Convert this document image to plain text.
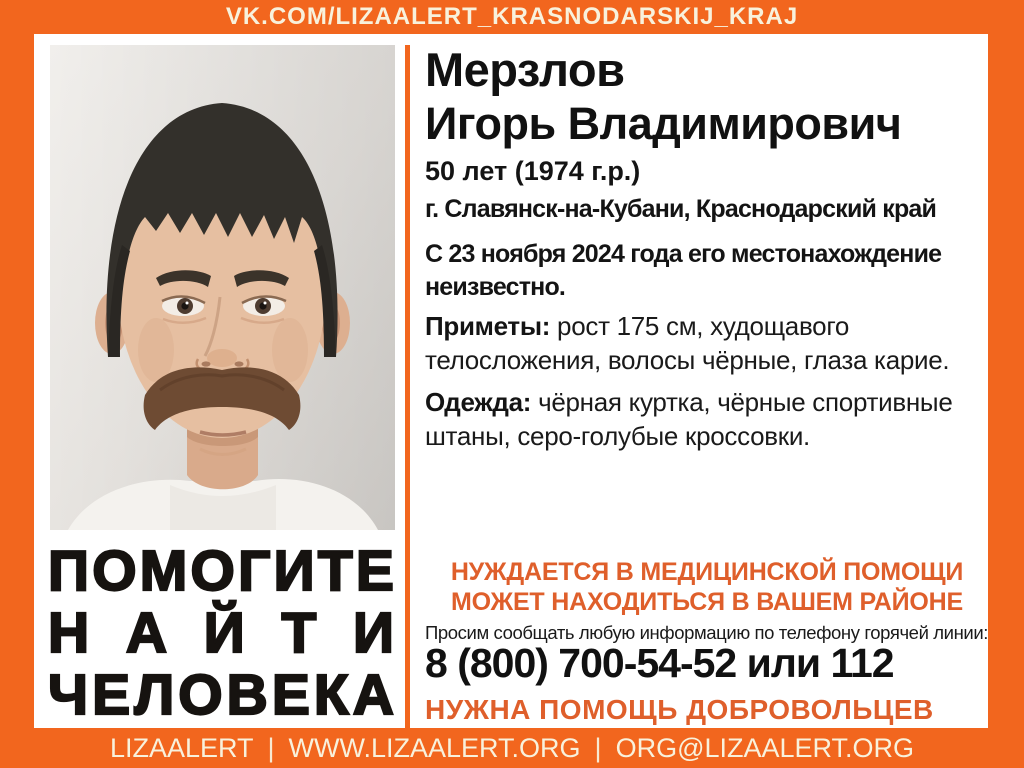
VK.COM/LIZAALERT_KRASNODARSKIJ_KRAJ
П О М О Г И Т Е
Н А Й Т И
Ч Е Л О В Е К А
Мерзлов
Игорь Владимирович
50 лет (1974 г.р.)
г. Славянск-на-Кубани, Краснодарский край
С 23 ноября 2024 года его местонахождение неизвестно.
Приметы: рост 175 см, худощавого телосложения, волосы чёрные, глаза карие.
Одежда: чёрная куртка, чёрные спортивные штаны, серо-голубые кроссовки.
НУЖДАЕТСЯ В МЕДИЦИНСКОЙ ПОМОЩИ
МОЖЕТ НАХОДИТЬСЯ В ВАШЕМ РАЙОНЕ
Просим сообщать любую информацию по телефону горячей линии:
8 (800) 700-54-52 или 112
НУЖНА ПОМОЩЬ ДОБРОВОЛЬЦЕВ
LIZAALERT | WWW.LIZAALERT.ORG | ORG@LIZAALERT.ORG
